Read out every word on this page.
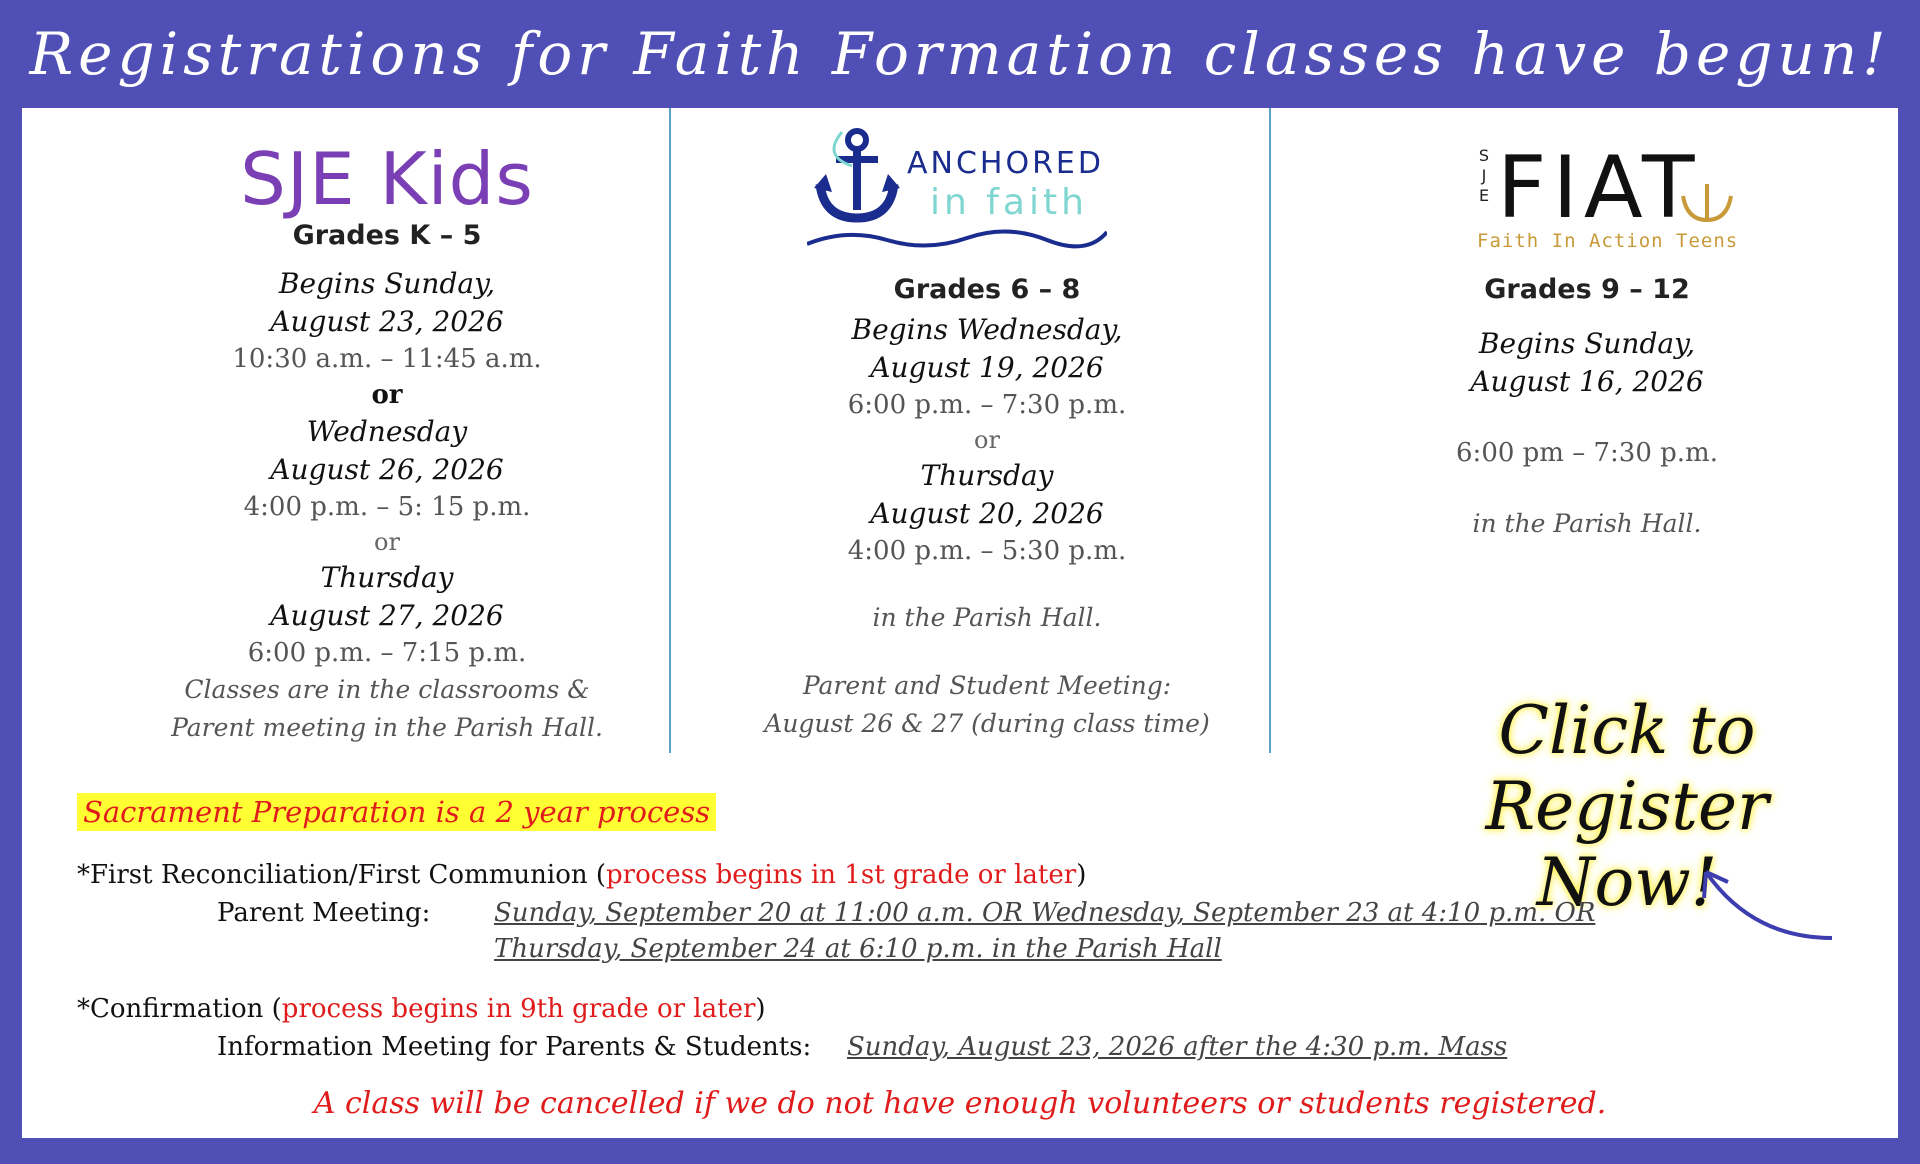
Registrations for Faith Formation classes have begun!
SJE Kids
Grades K – 5
Begins Sunday,
August 23, 2026
10:30 a.m. – 11:45 a.m.
or
Wednesday
August 26, 2026
4:00 p.m. – 5: 15 p.m.
or
Thursday
August 27, 2026
6:00 p.m. – 7:15 p.m.
Classes are in the classrooms &
Parent meeting in the Parish Hall.
ANCHORED
in faith
Grades 6 – 8
Begins Wednesday,
August 19, 2026
6:00 p.m. – 7:30 p.m.
or
Thursday
August 20, 2026
4:00 p.m. – 5:30 p.m.
in the Parish Hall.
Parent and Student Meeting:
August 26 & 27 (during class time)
SJE FIAT
Faith In Action Teens
Grades 9 – 12
Begins Sunday,
August 16, 2026
6:00 pm – 7:30 p.m.
in the Parish Hall.
Click to
Register Now!
Sacrament Preparation is a 2 year process
*First Reconciliation/First Communion (process begins in 1st grade or later)
Parent Meeting: Sunday, September 20 at 11:00 a.m. OR Wednesday, September 23 at 4:10 p.m. OR
Thursday, September 24 at 6:10 p.m. in the Parish Hall
*Confirmation (process begins in 9th grade or later)
Information Meeting for Parents & Students: Sunday, August 23, 2026 after the 4:30 p.m. Mass
A class will be cancelled if we do not have enough volunteers or students registered.
